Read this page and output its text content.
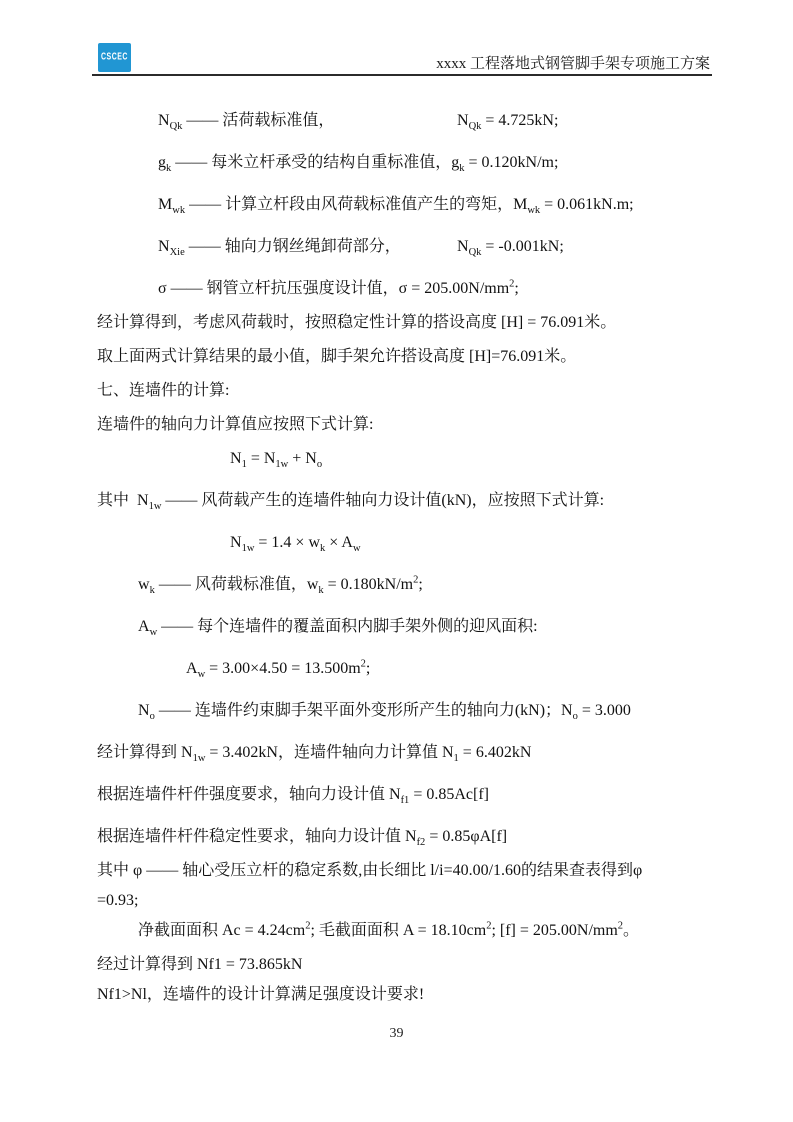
CSCEC	xxxx 工程落地式钢管脚手架专项施工方案
$N_{Qk}$ —— 活荷载标准值，	$N_{Qk} = 4.725kN$;
$g_k$ —— 每米立杆承受的结构自重标准值，$g_k = 0.120kN/m$;
$M_{wk}$ —— 计算立杆段由风荷载标准值产生的弯矩，$M_{wk} = 0.061kN.m$;
$N_{Xie}$ —— 轴向力钢丝绳卸荷部分，	$N_{Qk} = -0.001kN$;
σ —— 钢管立杆抗压强度设计值，$\sigma = 205.00N/mm^2$;
经计算得到，考虑风荷载时，按照稳定性计算的搭设高度 [H] = 76.091米。
取上面两式计算结果的最小值，脚手架允许搭设高度 [H]=76.091米。
七、连墙件的计算:
连墙件的轴向力计算值应按照下式计算:
$N_1 = N_{1w} + N_o$
其中  $N_{1w}$ —— 风荷载产生的连墙件轴向力设计值(kN)，应按照下式计算:
$N_{1w} = 1.4 \times w_k \times A_w$
$w_k$ —— 风荷载标准值，$w_k = 0.180kN/m^2$;
$A_w$ —— 每个连墙件的覆盖面积内脚手架外侧的迎风面积:
$A_w = 3.00\times 4.50 = 13.500m^2$;
$N_o$ —— 连墙件约束脚手架平面外变形所产生的轴向力(kN)；$N_o = 3.000$
经计算得到 $N_{1w} = 3.402kN$，连墙件轴向力计算值 $N_1 = 6.402kN$
根据连墙件杆件强度要求，轴向力设计值 $N_{f1} = 0.85Ac[f]$
根据连墙件杆件稳定性要求，轴向力设计值 $N_{f2} = 0.85\varphi A[f]$
其中 φ —— 轴心受压立杆的稳定系数,由长细比 l/i=40.00/1.60的结果查表得到φ
=0.93;
净截面面积 $Ac = 4.24cm^2$; 毛截面面积 $A = 18.10cm^2$; $[f] = 205.00N/mm^2$。
经过计算得到 Nf1 = 73.865kN
Nf1>Nl，连墙件的设计计算满足强度设计要求!
39
